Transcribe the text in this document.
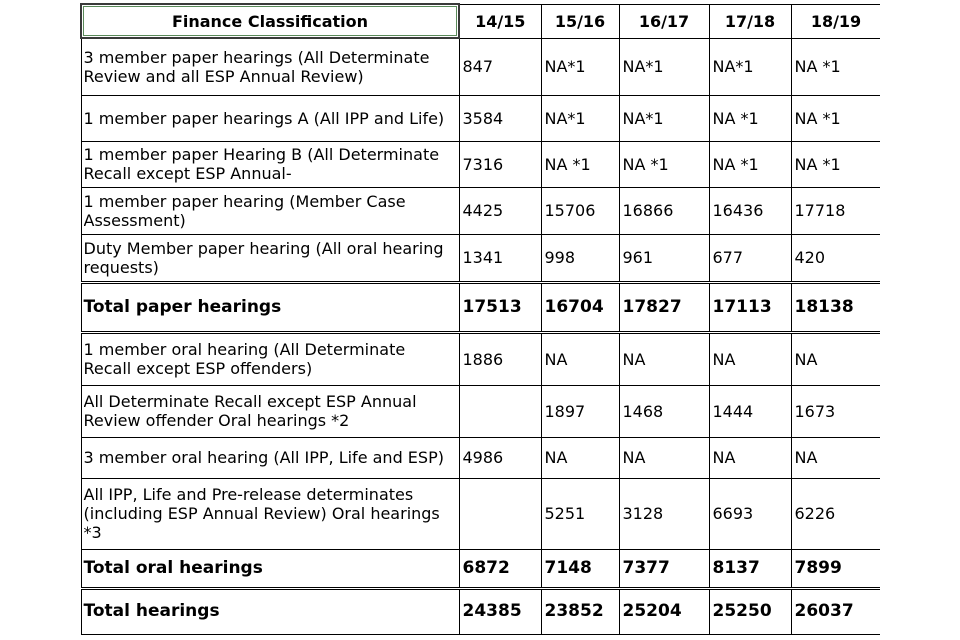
Finance Classification	14/15	15/16	16/17	17/18	18/19

3 member paper hearings (All Determinate Review and all ESP Annual Review)	847	NA*1	NA*1	NA*1	NA *1

1 member paper hearings A (All IPP and Life)	3584	NA*1	NA*1	NA *1	NA *1

1 member paper Hearing B (All Determinate Recall except ESP Annual-	7316	NA *1	NA *1	NA *1	NA *1

1 member paper hearing (Member Case Assessment)	4425	15706	16866	16436	17718

Duty Member paper hearing (All oral hearing requests)	1341	998	961	677	420
Total paper hearings	17513	16704	17827	17113	18138

1 member oral hearing (All Determinate Recall except ESP offenders)	1886	NA	NA	NA	NA

All Determinate Recall except ESP Annual Review offender Oral hearings *2		1897	1468	1444	1673

3 member oral hearing (All IPP, Life and ESP)	4986	NA	NA	NA	NA
All IPP, Life and Pre-release determinates (including ESP Annual Review) Oral hearings *3		5251	3128	6693	6226
Total oral hearings	6872	7148	7377	8137	7899
Total hearings	24385	23852	25204	25250	26037
